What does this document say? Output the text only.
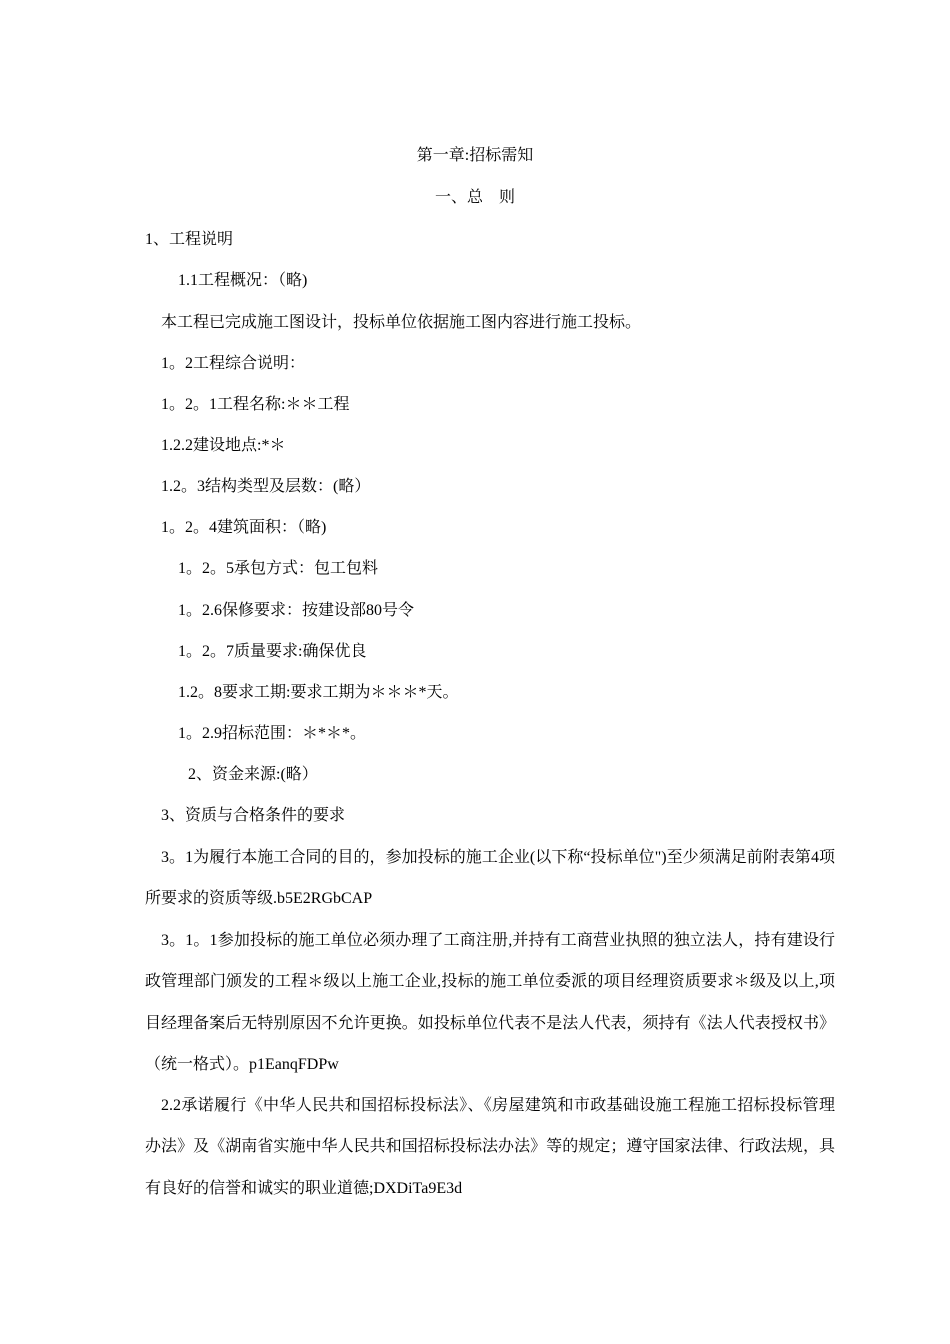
第一章:招标需知
一、总　则
1、工程说明
1.1工程概况：（略)
本工程已完成施工图设计，投标单位依据施工图内容进行施工投标。
1。2工程综合说明：
1。2。1工程名称:＊＊工程
1.2.2建设地点:*＊
1.2。3结构类型及层数：(略）
1。2。4建筑面积：（略)
1。2。5承包方式：包工包料
1。2.6保修要求：按建设部80号令
1。2。7质量要求:确保优良
1.2。8要求工期:要求工期为＊＊＊*天。
1。2.9招标范围：＊*＊*。
2、资金来源:(略）
3、资质与合格条件的要求
3。1为履行本施工合同的目的，参加投标的施工企业(以下称“投标单位")至少须满足前附表第4项所要求的资质等级.b5E2RGbCAP
3。1。1参加投标的施工单位必须办理了工商注册,并持有工商营业执照的独立法人，持有建设行政管理部门颁发的工程＊级以上施工企业,投标的施工单位委派的项目经理资质要求＊级及以上,项目经理备案后无特别原因不允许更换。如投标单位代表不是法人代表，须持有《法人代表授权书》（统一格式）。p1EanqFDPw
2.2承诺履行《中华人民共和国招标投标法》、《房屋建筑和市政基础设施工程施工招标投标管理办法》及《湖南省实施中华人民共和国招标投标法办法》等的规定；遵守国家法律、行政法规，具有良好的信誉和诚实的职业道德;DXDiTa9E3d
